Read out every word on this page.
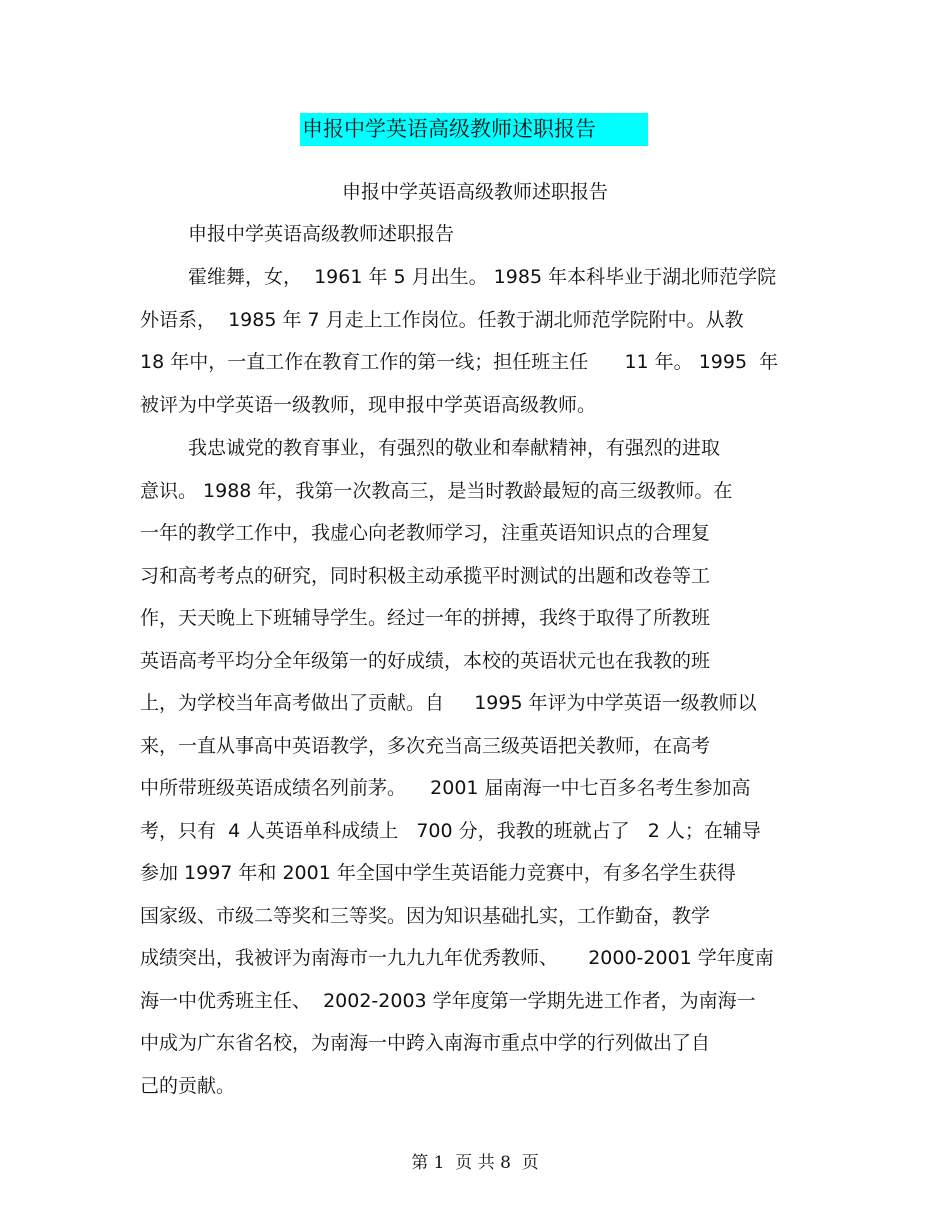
申报中学英语高级教师述职报告
申报中学英语高级教师述职报告
申报中学英语高级教师述职报告
霍维舞，女，  1961 年 5 月出生。 1985 年本科毕业于湖北师范学院
外语系，  1985 年 7 月走上工作岗位。任教于湖北师范学院附中。从教
18 年中，一直工作在教育工作的第一线；担任班主任      11 年。 1995  年
被评为中学英语一级教师，现申报中学英语高级教师。
我忠诚党的教育事业，有强烈的敬业和奉献精神，有强烈的进取
意识。 1988 年，我第一次教高三，是当时教龄最短的高三级教师。在
一年的教学工作中，我虚心向老教师学习，注重英语知识点的合理复
习和高考考点的研究，同时积极主动承揽平时测试的出题和改卷等工
作，天天晚上下班辅导学生。经过一年的拼搏，我终于取得了所教班
英语高考平均分全年级第一的好成绩，本校的英语状元也在我教的班
上，为学校当年高考做出了贡献。自     1995 年评为中学英语一级教师以
来，一直从事高中英语教学，多次充当高三级英语把关教师，在高考
中所带班级英语成绩名列前茅。    2001 届南海一中七百多名考生参加高
考，只有  4 人英语单科成绩上   700 分，我教的班就占了   2 人；在辅导
参加 1997 年和 2001 年全国中学生英语能力竞赛中，有多名学生获得
国家级、市级二等奖和三等奖。因为知识基础扎实，工作勤奋，教学
成绩突出，我被评为南海市一九九九年优秀教师、     2000-2001 学年度南
海一中优秀班主任、  2002-2003 学年度第一学期先进工作者，为南海一
中成为广东省名校，为南海一中跨入南海市重点中学的行列做出了自
己的贡献。
第 1  页 共 8  页
